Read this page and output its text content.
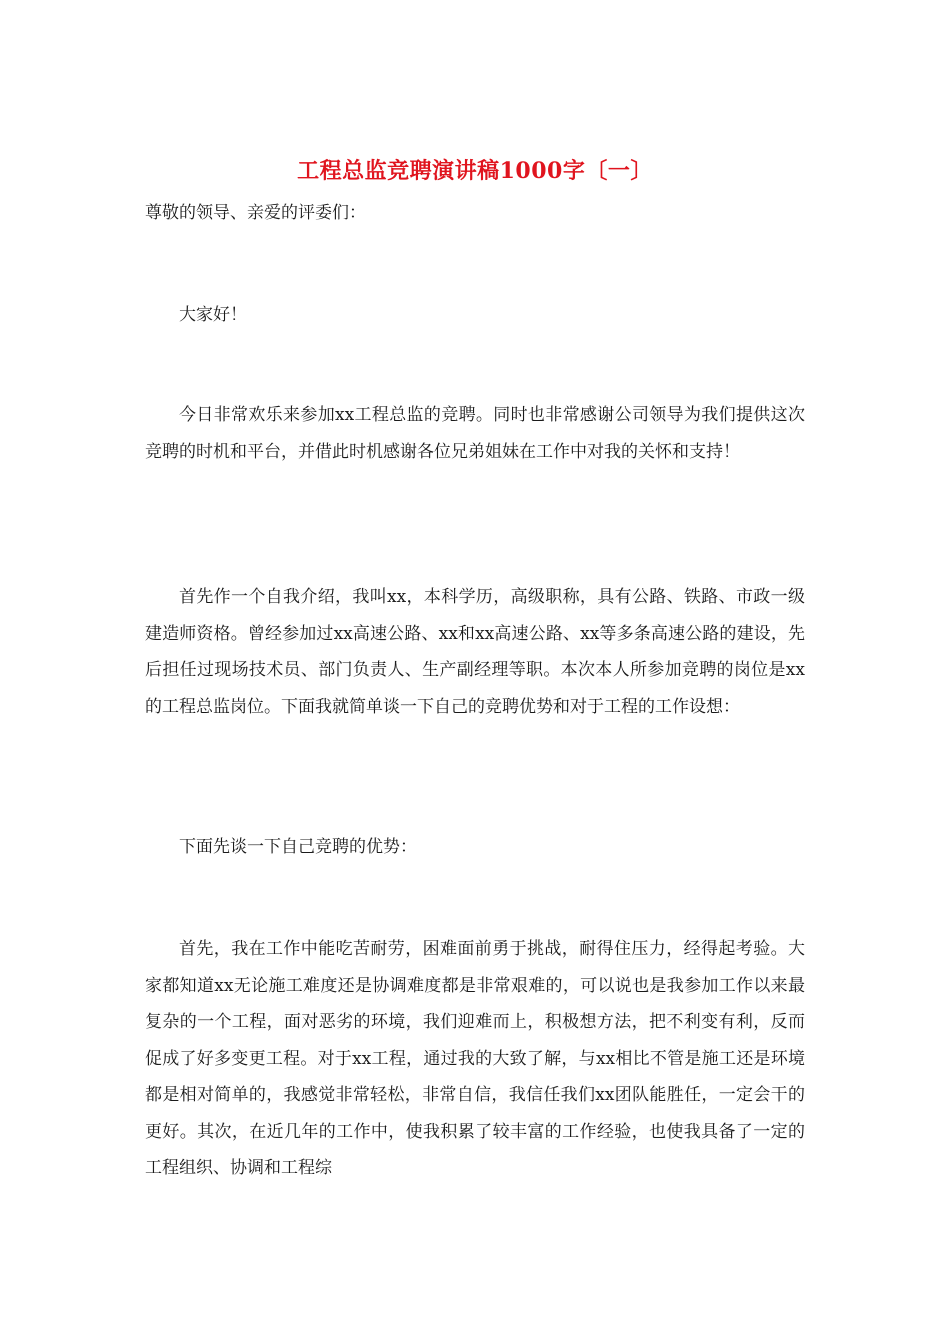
工程总监竞聘演讲稿1000字〔一〕
尊敬的领导、亲爱的评委们：
大家好！
今日非常欢乐来参加xx工程总监的竞聘。同时也非常感谢公司领导为我们提供这次竞聘的时机和平台，并借此时机感谢各位兄弟姐妹在工作中对我的关怀和支持！
首先作一个自我介绍，我叫xx，本科学历，高级职称，具有公路、铁路、市政一级建造师资格。曾经参加过xx高速公路、xx和xx高速公路、xx等多条高速公路的建设，先后担任过现场技术员、部门负责人、生产副经理等职。本次本人所参加竞聘的岗位是xx的工程总监岗位。下面我就简单谈一下自己的竞聘优势和对于工程的工作设想：
下面先谈一下自己竞聘的优势：
首先，我在工作中能吃苦耐劳，困难面前勇于挑战，耐得住压力，经得起考验。大家都知道xx无论施工难度还是协调难度都是非常艰难的，可以说也是我参加工作以来最复杂的一个工程，面对恶劣的环境，我们迎难而上，积极想方法，把不利变有利，反而促成了好多变更工程。对于xx工程，通过我的大致了解，与xx相比不管是施工还是环境都是相对简单的，我感觉非常轻松，非常自信，我信任我们xx团队能胜任，一定会干的更好。其次，在近几年的工作中，使我积累了较丰富的工作经验，也使我具备了一定的工程组织、协调和工程综
